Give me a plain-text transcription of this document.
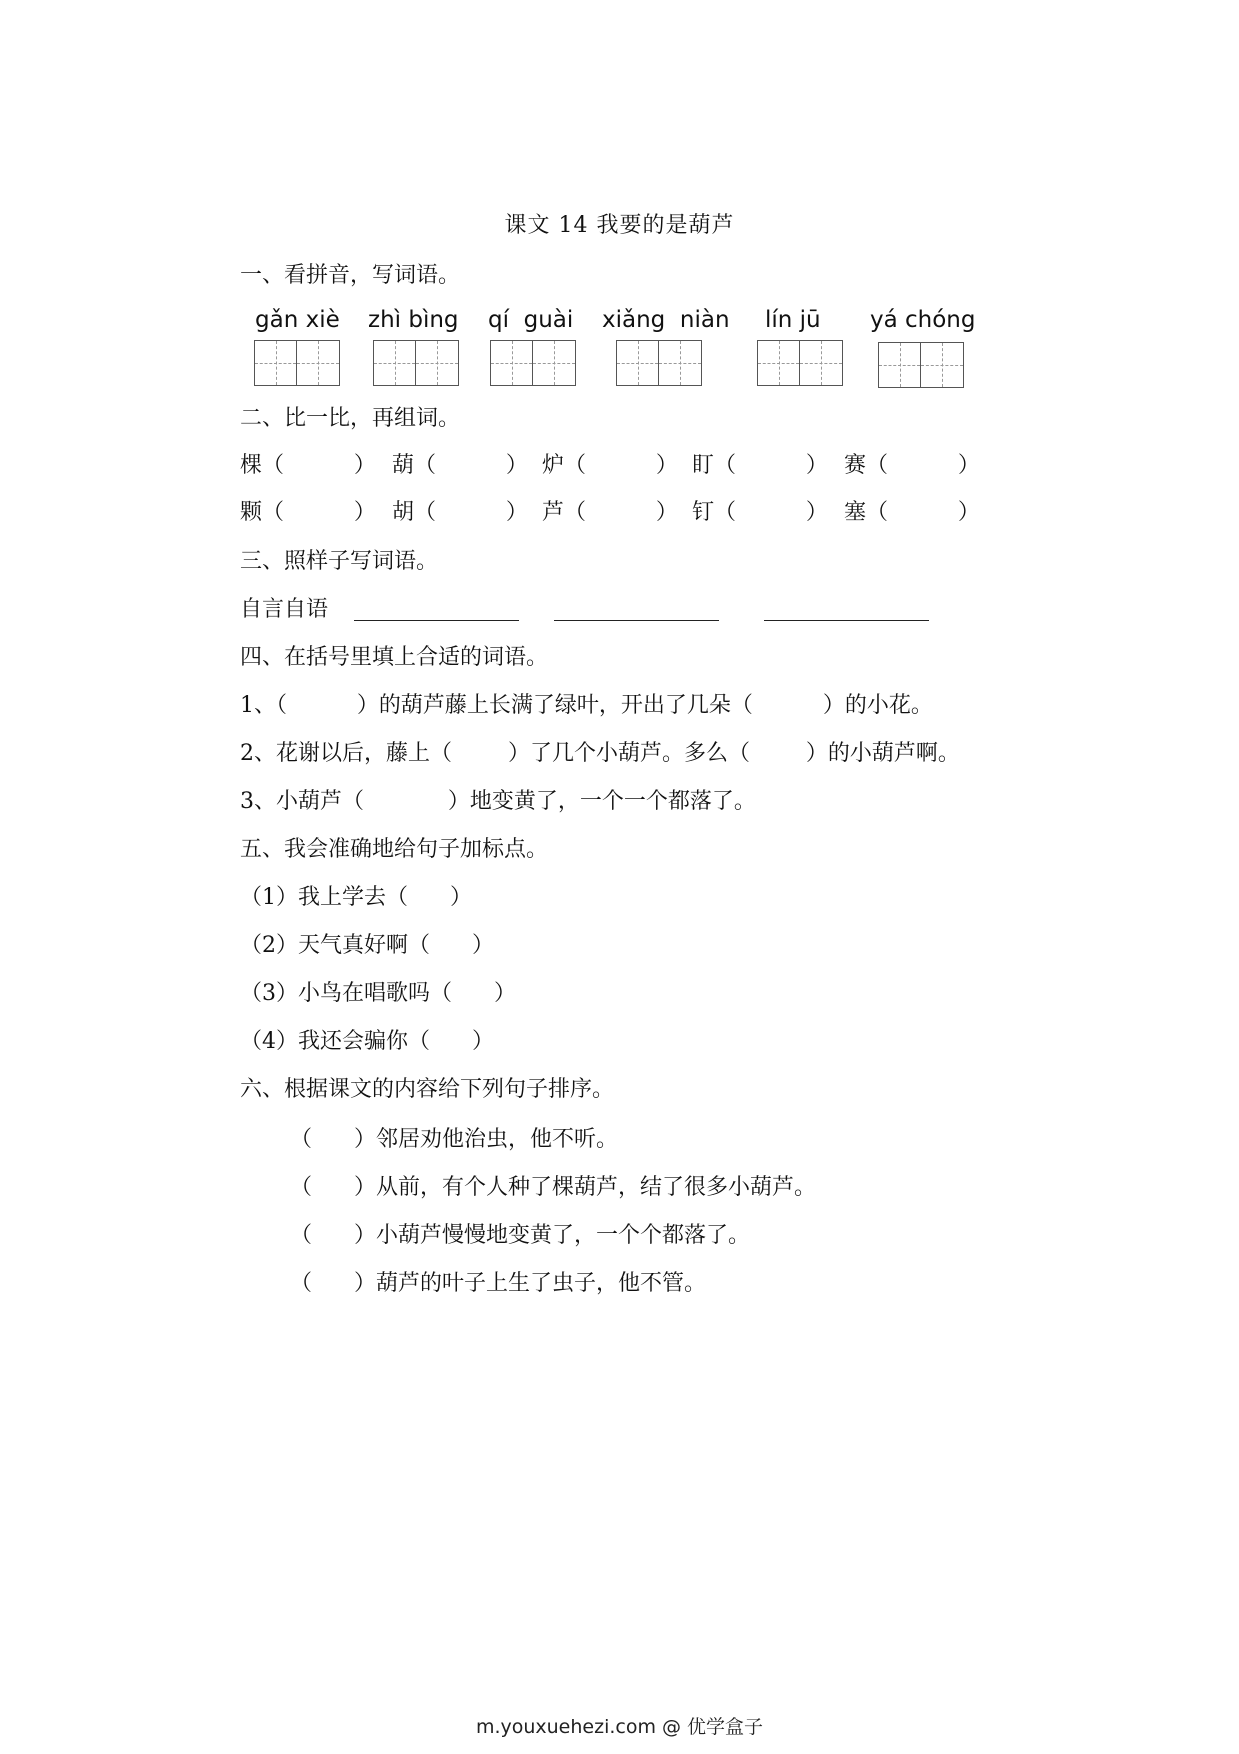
课文 14 我要的是葫芦
一、看拼音，写词语。
gǎn xiè zhì bìng qí  guài xiǎng  niàn lín jū yá chóng
二、比一比，再组词。
棵（          ） 葫（          ） 炉（          ） 盯（          ） 赛（          ）
颗（          ） 胡（          ） 芦（          ） 钉（          ） 塞（          ）
三、照样子写词语。
自言自语
四、在括号里填上合适的词语。
1、（          ）的葫芦藤上长满了绿叶，开出了几朵（          ）的小花。
2、花谢以后，藤上（        ）了几个小葫芦。多么（        ）的小葫芦啊。
3、小葫芦（            ）地变黄了，一个一个都落了。
五、我会准确地给句子加标点。
（1）我上学去（      ）
（2）天气真好啊（      ）
（3）小鸟在唱歌吗（      ）
（4）我还会骗你（      ）
六、根据课文的内容给下列句子排序。
（      ）邻居劝他治虫，他不听。
（      ）从前，有个人种了棵葫芦，结了很多小葫芦。
（      ）小葫芦慢慢地变黄了，一个个都落了。
（      ）葫芦的叶子上生了虫子，他不管。
m.youxuehezi.com @ 优学盒子
